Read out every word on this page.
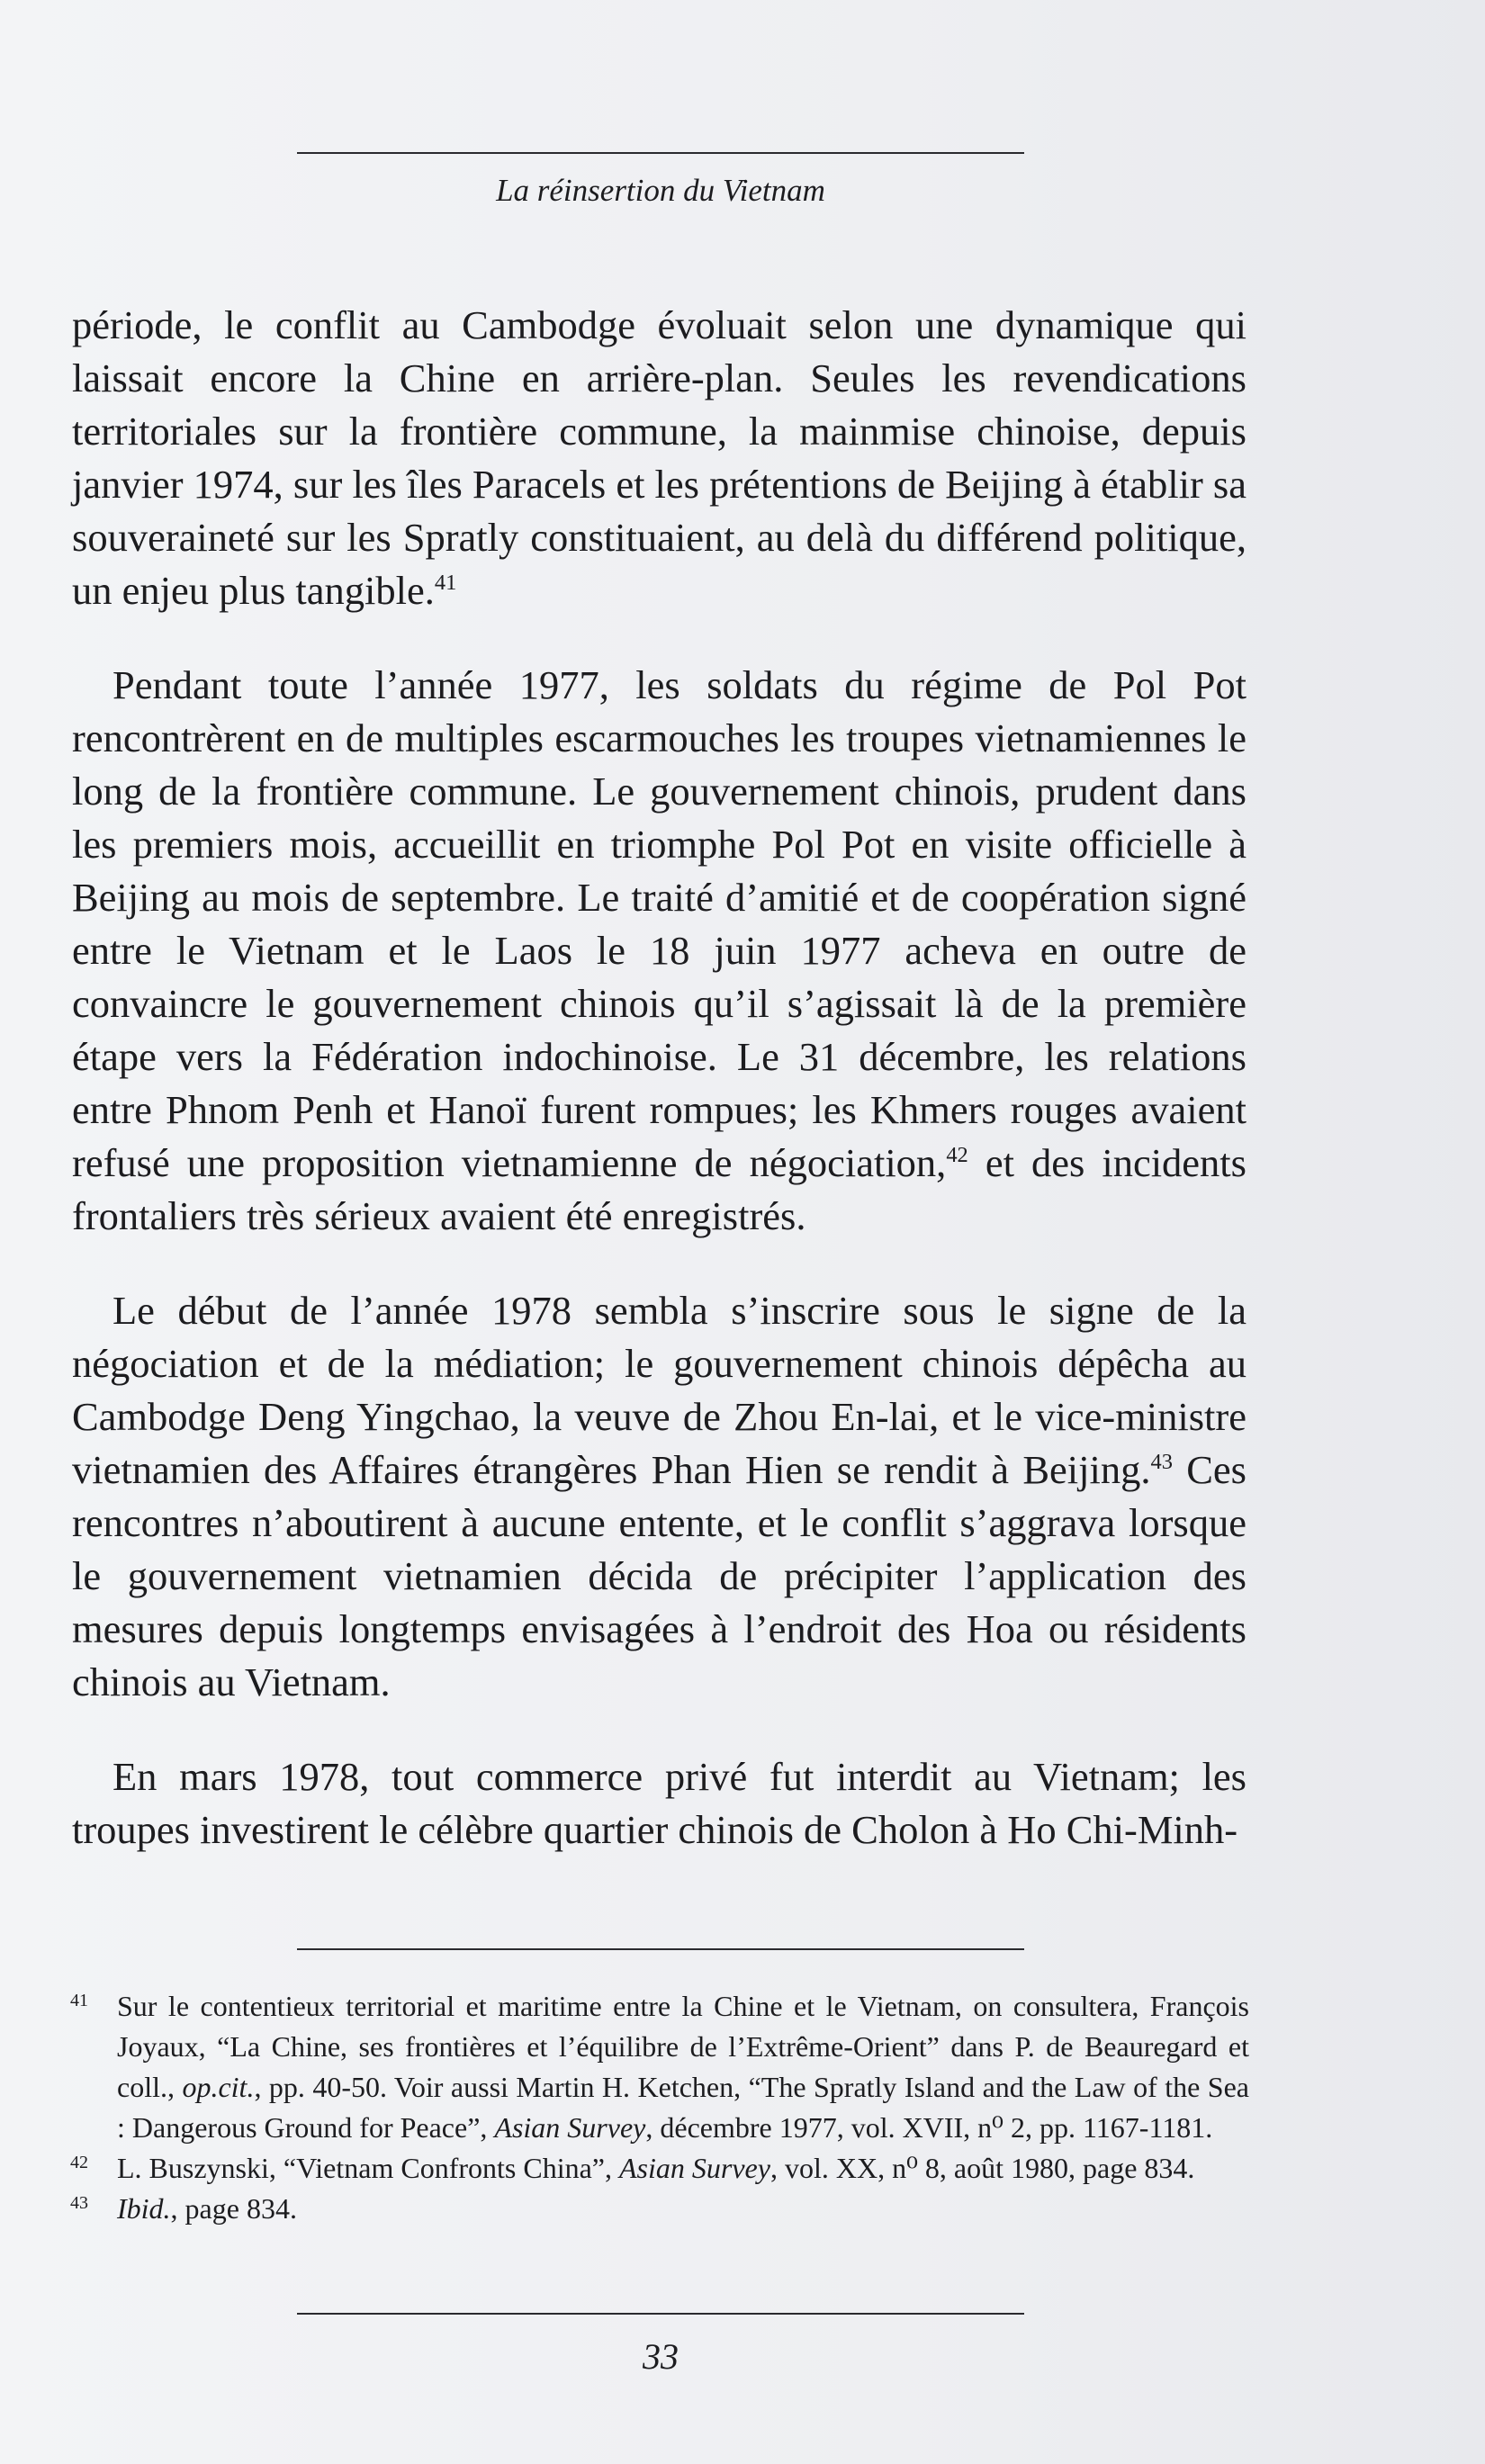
La réinsertion du Vietnam

période, le conflit au Cambodge évoluait selon une dynamique qui laissait encore la Chine en arrière-plan. Seules les revendications territoriales sur la frontière commune, la mainmise chinoise, depuis janvier 1974, sur les îles Paracels et les prétentions de Beijing à établir sa souveraineté sur les Spratly constituaient, au delà du différend politique, un enjeu plus tangible.$^{41}$

Pendant toute l’année 1977, les soldats du régime de Pol Pot rencontrèrent en de multiples escarmouches les troupes vietnamiennes le long de la frontière commune. Le gouvernement chinois, prudent dans les premiers mois, accueillit en triomphe Pol Pot en visite officielle à Beijing au mois de septembre. Le traité d’amitié et de coopération signé entre le Vietnam et le Laos le 18 juin 1977 acheva en outre de convaincre le gouvernement chinois qu’il s’agissait là de la première étape vers la Fédération indochinoise. Le 31 décembre, les relations entre Phnom Penh et Hanoï furent rompues; les Khmers rouges avaient refusé une proposition vietnamienne de négociation,$^{42}$ et des incidents frontaliers très sérieux avaient été enregistrés.

Le début de l’année 1978 sembla s’inscrire sous le signe de la négociation et de la médiation; le gouvernement chinois dépêcha au Cambodge Deng Yingchao, la veuve de Zhou En-lai, et le vice-ministre vietnamien des Affaires étrangères Phan Hien se rendit à Beijing.$^{43}$ Ces rencontres n’aboutirent à aucune entente, et le conflit s’aggrava lorsque le gouvernement vietnamien décida de précipiter l’application des mesures depuis longtemps envisagées à l’endroit des Hoa ou résidents chinois au Vietnam.

En mars 1978, tout commerce privé fut interdit au Vietnam; les troupes investirent le célèbre quartier chinois de Cholon à Ho Chi-Minh-

41 Sur le contentieux territorial et maritime entre la Chine et le Vietnam, on consultera, François Joyaux, “La Chine, ses frontières et l’équilibre de l’Extrême-Orient” dans P. de Beauregard et coll., op.cit., pp. 40-50. Voir aussi Martin H. Ketchen, “The Spratly Island and the Law of the Sea : Dangerous Ground for Peace”, Asian Survey, décembre 1977, vol. XVII, n⁰ 2, pp. 1167-1181.

42 L. Buszynski, “Vietnam Confronts China”, Asian Survey, vol. XX, n⁰ 8, août 1980, page 834.

43 Ibid., page 834.

33
